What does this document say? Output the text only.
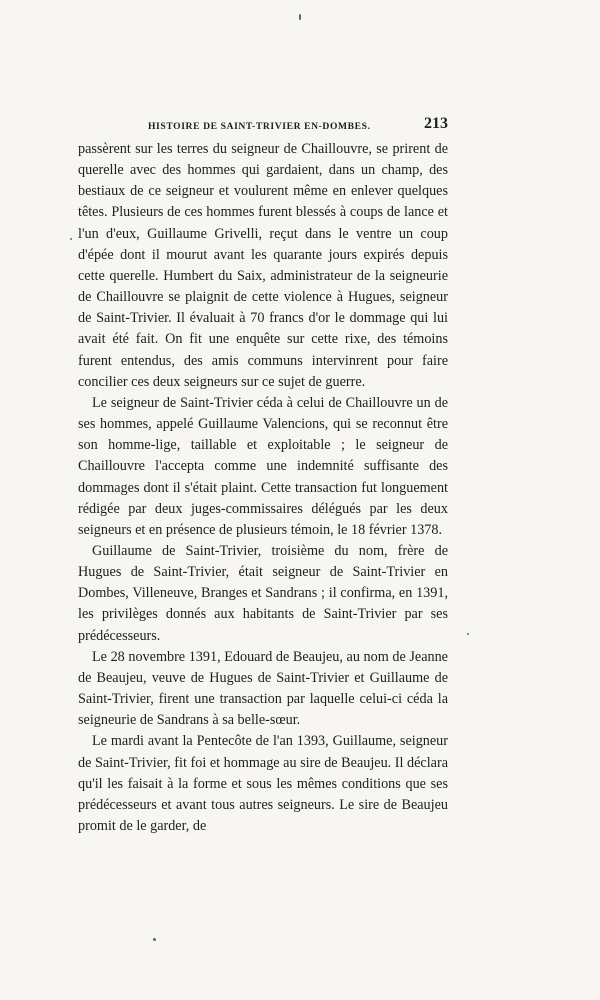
HISTOIRE DE SAINT-TRIVIER EN-DOMBES.	213

passèrent sur les terres du seigneur de Chaillouvre, se prirent de querelle avec des hommes qui gardaient, dans un champ, des bestiaux de ce seigneur et voulurent même en enlever quelques têtes. Plusieurs de ces hommes furent blessés à coups de lance et l'un d'eux, Guillaume Grivelli, reçut dans le ventre un coup d'épée dont il mourut avant les quarante jours expirés depuis cette querelle. Humbert du Saix, administrateur de la seigneurie de Chaillouvre se plaignit de cette violence à Hugues, seigneur de Saint-Trivier. Il évaluait à 70 francs d'or le dommage qui lui avait été fait. On fit une enquête sur cette rixe, des témoins furent entendus, des amis communs intervinrent pour faire concilier ces deux seigneurs sur ce sujet de guerre.

Le seigneur de Saint-Trivier céda à celui de Chaillouvre un de ses hommes, appelé Guillaume Valencions, qui se reconnut être son homme-lige, taillable et exploitable ; le seigneur de Chaillouvre l'accepta comme une indemnité suffisante des dommages dont il s'était plaint. Cette transaction fut longuement rédigée par deux juges-commissaires délégués par les deux seigneurs et en présence de plusieurs témoin, le 18 février 1378.

Guillaume de Saint-Trivier, troisième du nom, frère de Hugues de Saint-Trivier, était seigneur de Saint-Trivier en Dombes, Villeneuve, Branges et Sandrans ; il confirma, en 1391, les privilèges donnés aux habitants de Saint-Trivier par ses prédécesseurs.

Le 28 novembre 1391, Edouard de Beaujeu, au nom de Jeanne de Beaujeu, veuve de Hugues de Saint-Trivier et Guillaume de Saint-Trivier, firent une transaction par laquelle celui-ci céda la seigneurie de Sandrans à sa belle-sœur.

Le mardi avant la Pentecôte de l'an 1393, Guillaume, seigneur de Saint-Trivier, fit foi et hommage au sire de Beaujeu. Il déclara qu'il les faisait à la forme et sous les mêmes conditions que ses prédécesseurs et avant tous autres seigneurs. Le sire de Beaujeu promit de le garder, de
